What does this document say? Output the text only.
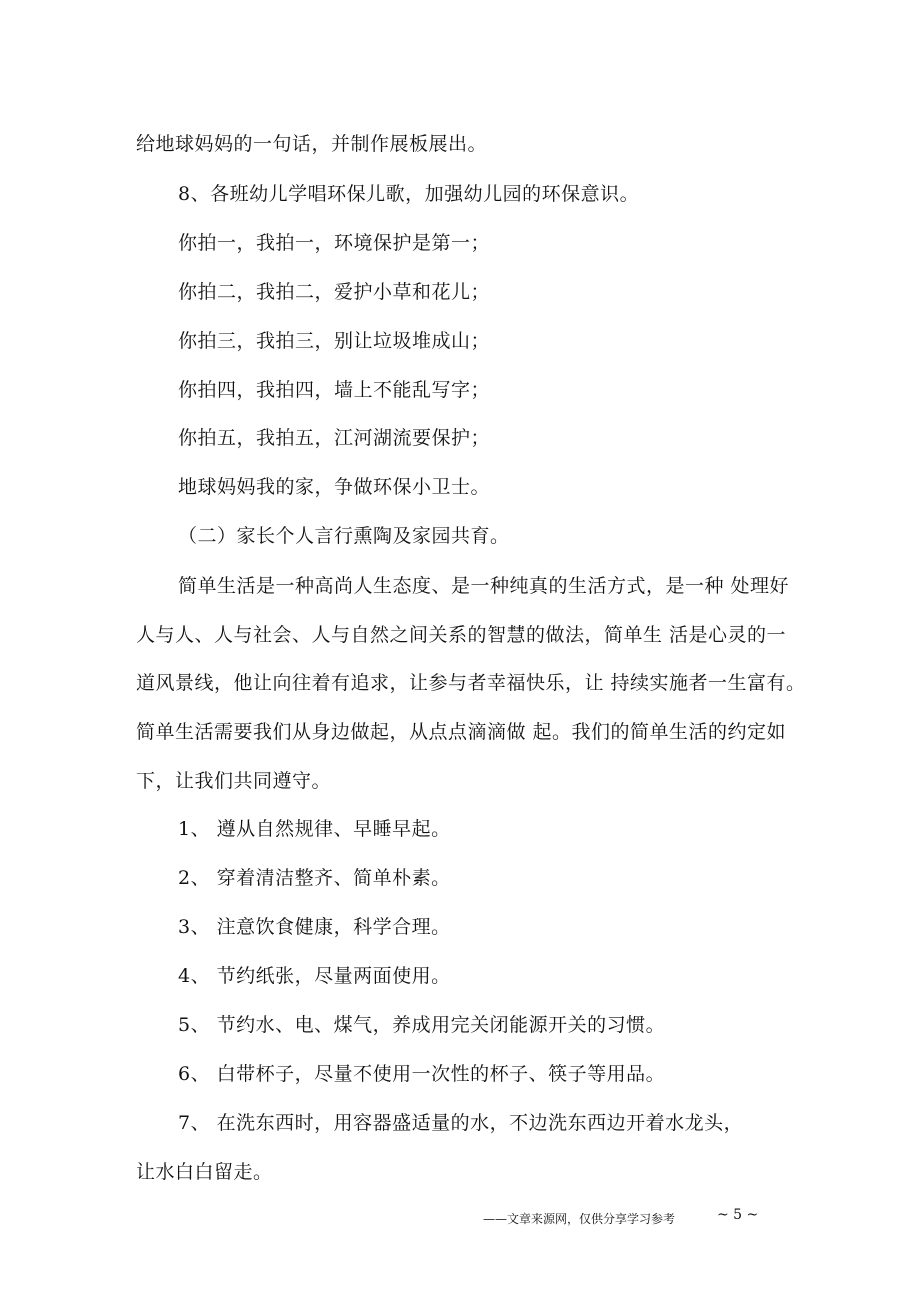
给地球妈妈的一句话，并制作展板展出。
8、各班幼儿学唱环保儿歌，加强幼儿园的环保意识。
你拍一，我拍一，环境保护是第一；
你拍二，我拍二，爱护小草和花儿；
你拍三，我拍三，别让垃圾堆成山；
你拍四，我拍四，墙上不能乱写字；
你拍五，我拍五，江河湖流要保护；
地球妈妈我的家，争做环保小卫士。
（二）家长个人言行熏陶及家园共育。
简单生活是一种高尚人生态度、是一种纯真的生活方式，是一种 处理好
人与人、人与社会、人与自然之间关系的智慧的做法，简单生 活是心灵的一
道风景线，他让向往着有追求，让参与者幸福快乐，让 持续实施者一生富有。
简单生活需要我们从身边做起，从点点滴滴做 起。我们的简单生活的约定如
下，让我们共同遵守。
1、 遵从自然规律、早睡早起。
2、 穿着清洁整齐、简单朴素。
3、 注意饮食健康，科学合理。
4、 节约纸张，尽量两面使用。
5、 节约水、电、煤气，养成用完关闭能源开关的习惯。
6、 白带杯子，尽量不使用一次性的杯子、筷子等用品。
7、 在洗东西时，用容器盛适量的水，不边洗东西边开着水龙头，
让水白白留走。
——文章来源网，仅供分享学习参考	~ 5 ~
